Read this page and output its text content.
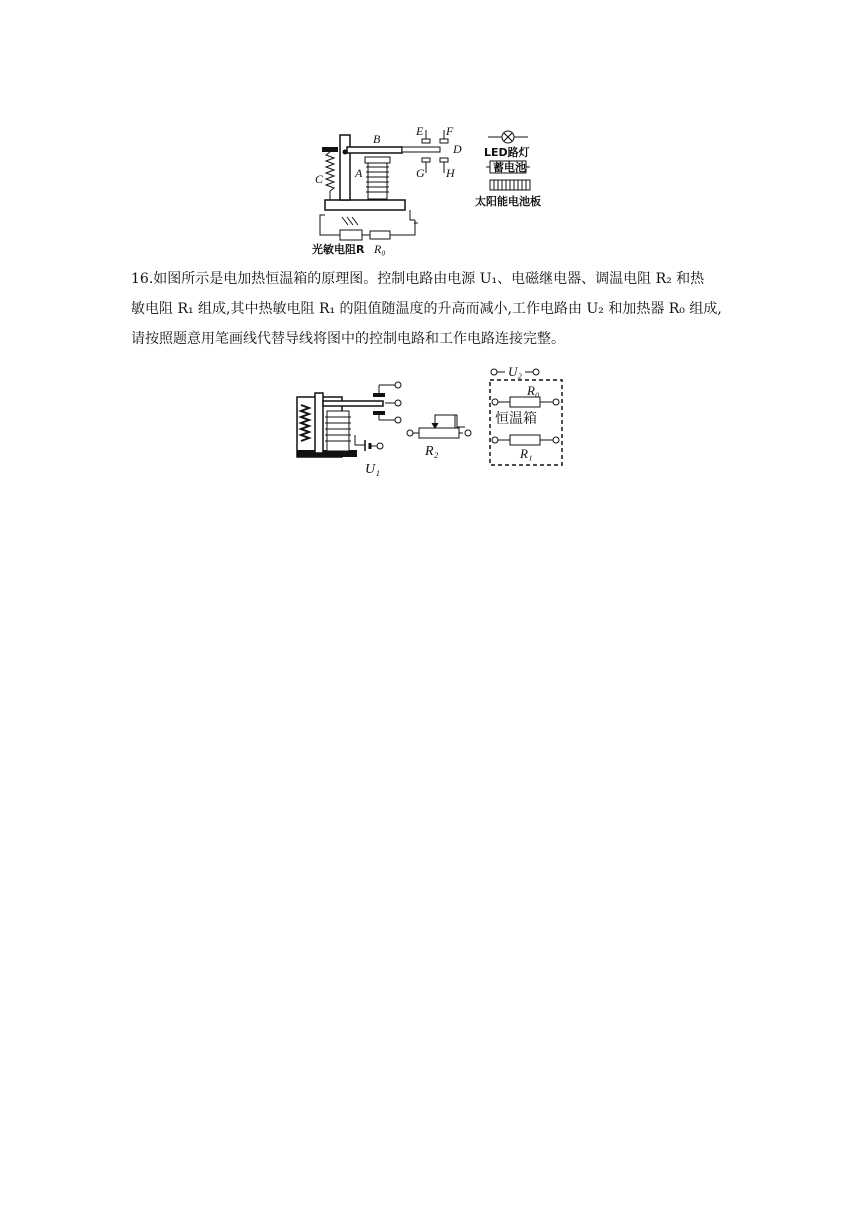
B
E F
D
C	A	G H
光敏电阻R R₀
LED路灯
蓄电池
太阳能电池板

16.如图所示是电加热恒温箱的原理图。控制电路由电源 U₁、电磁继电器、调温电阻 R₂ 和热

敏电阻 R₁ 组成,其中热敏电阻 R₁ 的阻值随温度的升高而减小,工作电路由 U₂ 和加热器 R₀ 组成,

请按照题意用笔画线代替导线将图中的控制电路和工作电路连接完整。

U₁
R₂
U₂
R₀
恒温箱
R₁
